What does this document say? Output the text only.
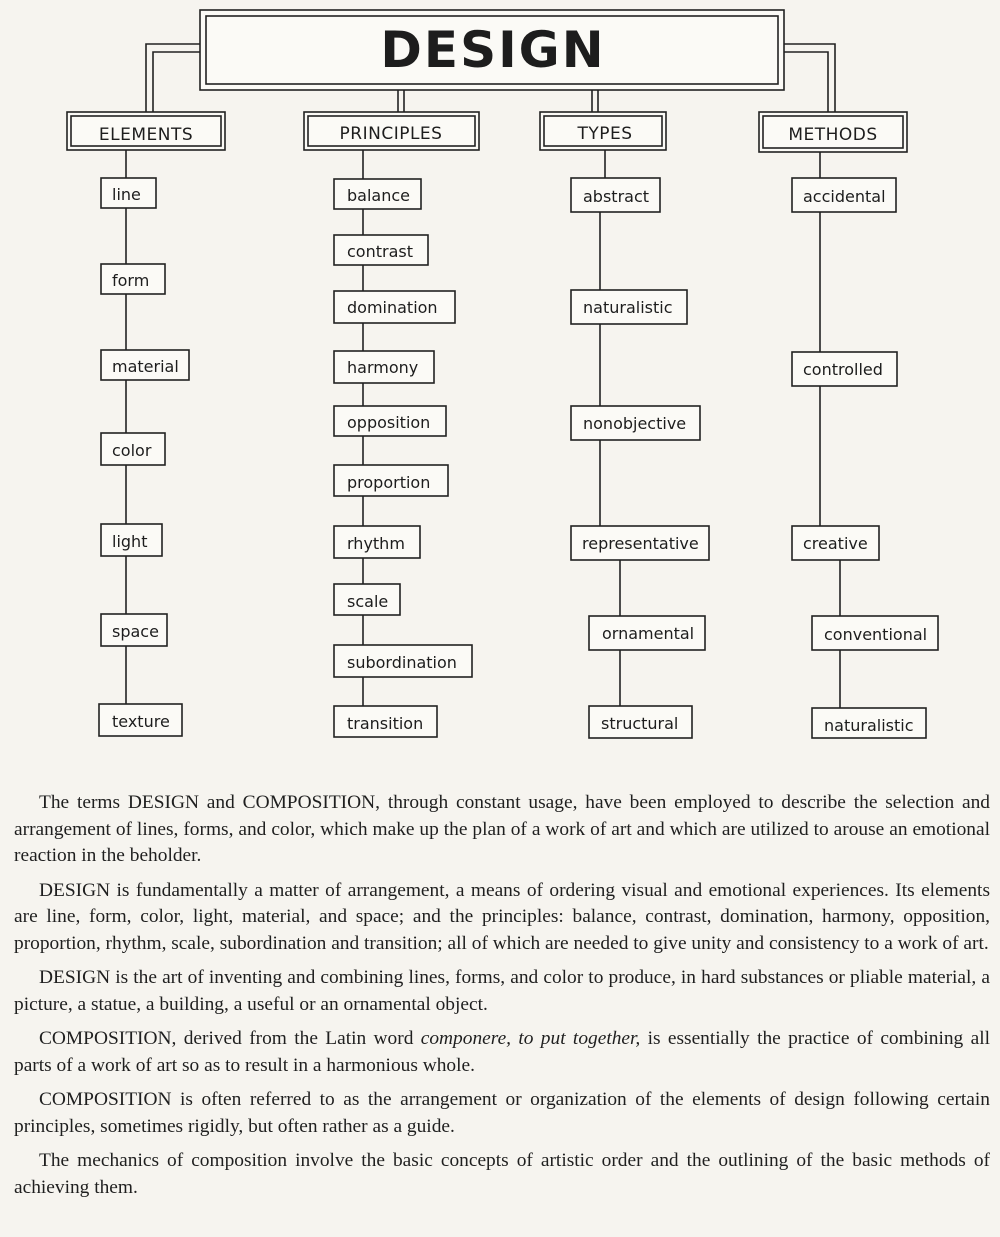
DESIGN
ELEMENTS	PRINCIPLES	TYPES	METHODS
line
form
material
color
light
space
texture
balance
contrast
domination
harmony
opposition
proportion
rhythm
scale
subordination
transition
abstract
naturalistic
nonobjective
representative
ornamental
structural
accidental
controlled
creative
conventional
naturalistic

The terms DESIGN and COMPOSITION, through constant usage, have been employed to describe the selection and arrangement of lines, forms, and color, which make up the plan of a work of art and which are utilized to arouse an emotional reaction in the beholder.

DESIGN is fundamentally a matter of arrangement, a means of ordering visual and emotional experiences. Its elements are line, form, color, light, material, and space; and the principles: balance, contrast, domination, harmony, opposition, proportion, rhythm, scale, subordination and transition; all of which are needed to give unity and consistency to a work of art.

DESIGN is the art of inventing and combining lines, forms, and color to produce, in hard substances or pliable material, a picture, a statue, a building, a useful or an ornamental object.

COMPOSITION, derived from the Latin word componere, to put together, is essentially the practice of combining all parts of a work of art so as to result in a harmonious whole.

COMPOSITION is often referred to as the arrangement or organization of the elements of design following certain principles, sometimes rigidly, but often rather as a guide.

The mechanics of composition involve the basic concepts of artistic order and the outlining of the basic methods of achieving them.
